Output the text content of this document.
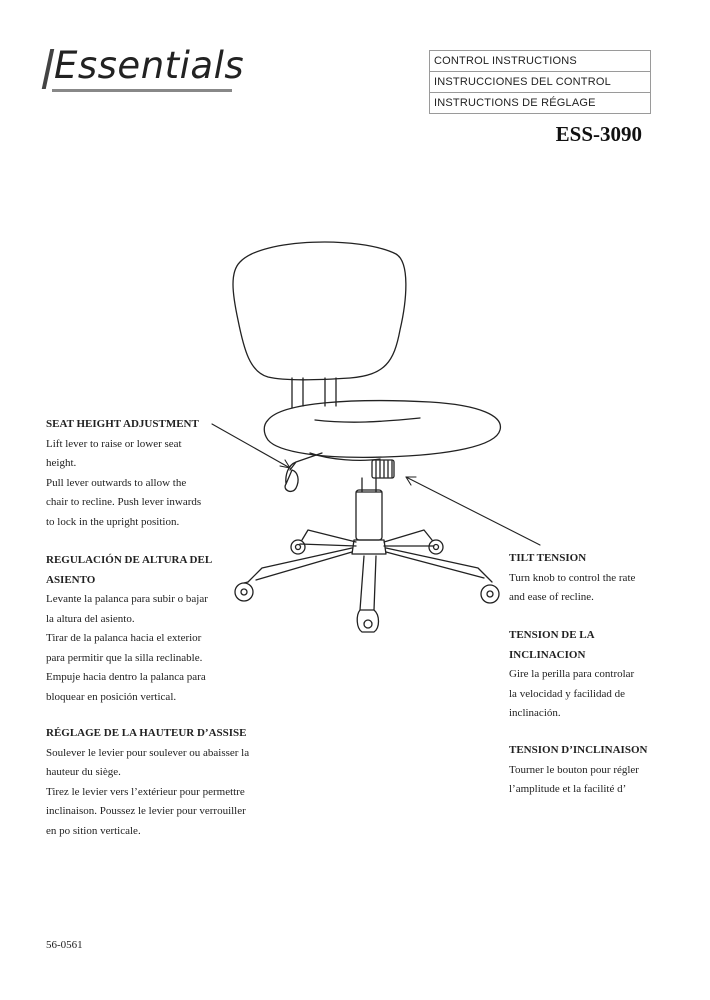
Essentials	CONTROL INSTRUCTIONS
INSTRUCCIONES DEL CONTROL
INSTRUCTIONS DE RÉGLAGE
ESS-3090
SEAT HEIGHT ADJUSTMENT
Lift lever to raise or lower seat
height.
Pull lever outwards to allow the
chair to recline. Push lever inwards
to lock in the upright position.
REGULACIÓN DE ALTURA DEL
ASIENTO
Levante la palanca para subir o bajar
la altura del asiento.
Tirar de la palanca hacia el exterior
para permitir que la silla reclinable.
Empuje hacia dentro la palanca para
bloquear en posición vertical.
RÉGLAGE DE LA HAUTEUR D’ASSISE
Soulever le levier pour soulever ou abaisser la
hauteur du siège.
Tirez le levier vers l’extérieur pour permettre
inclinaison. Poussez le levier pour verrouiller
en po sition verticale.
TILT TENSION
Turn knob to control the rate
and ease of recline.
TENSION DE LA
INCLINACION
Gire la perilla para controlar
la velocidad y facilidad de
inclinación.
TENSION D’INCLINAISON
Tourner le bouton pour régler
l’amplitude et la facilité d’
56-0561
